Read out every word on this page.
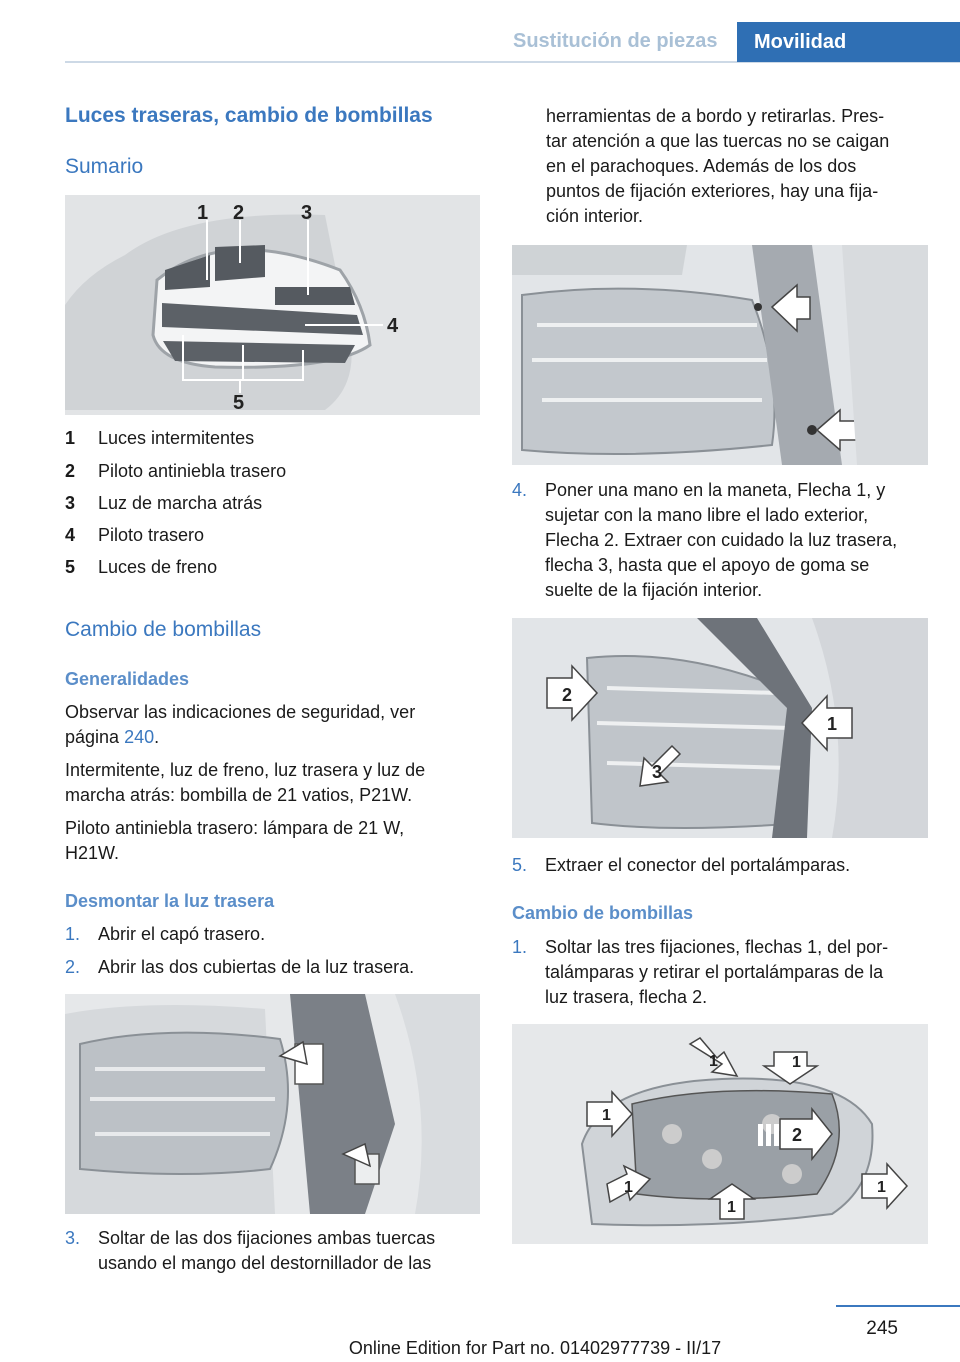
Sustitución de piezas Movilidad
Luces traseras, cambio de bombillas
Sumario
1 2	3
4
5
1	Luces intermitentes
2	Piloto antiniebla trasero
3	Luz de marcha atrás
4	Piloto trasero
5	Luces de freno
Cambio de bombillas
Generalidades
Observar las indicaciones de seguridad, ver
página 240.
Intermitente, luz de freno, luz trasera y luz de
marcha atrás: bombilla de 21 vatios, P21W.
Piloto antiniebla trasero: lámpara de 21 W,
H21W.
Desmontar la luz trasera
1. Abrir el capó trasero.
2. Abrir las dos cubiertas de la luz trasera.
3. Soltar de las dos fijaciones ambas tuercas
usando el mango del destornillador de las
herramientas de a bordo y retirarlas. Pres‐
tar atención a que las tuercas no se caigan
en el parachoques. Además de los dos
puntos de fijación exteriores, hay una fija‐
ción interior.
4. Poner una mano en la maneta, Flecha 1, y
sujetar con la mano libre el lado exterior,
Flecha 2. Extraer con cuidado la luz trasera,
flecha 3, hasta que el apoyo de goma se
suelte de la fijación interior.
2
1
3
5. Extraer el conector del portalámparas.
Cambio de bombillas
1. Soltar las tres fijaciones, flechas 1, del por‐
talámparas y retirar el portalámparas de la
luz trasera, flecha 2.
1	1
1
1
1
1
2
245
Online Edition for Part no. 01402977739 - II/17
